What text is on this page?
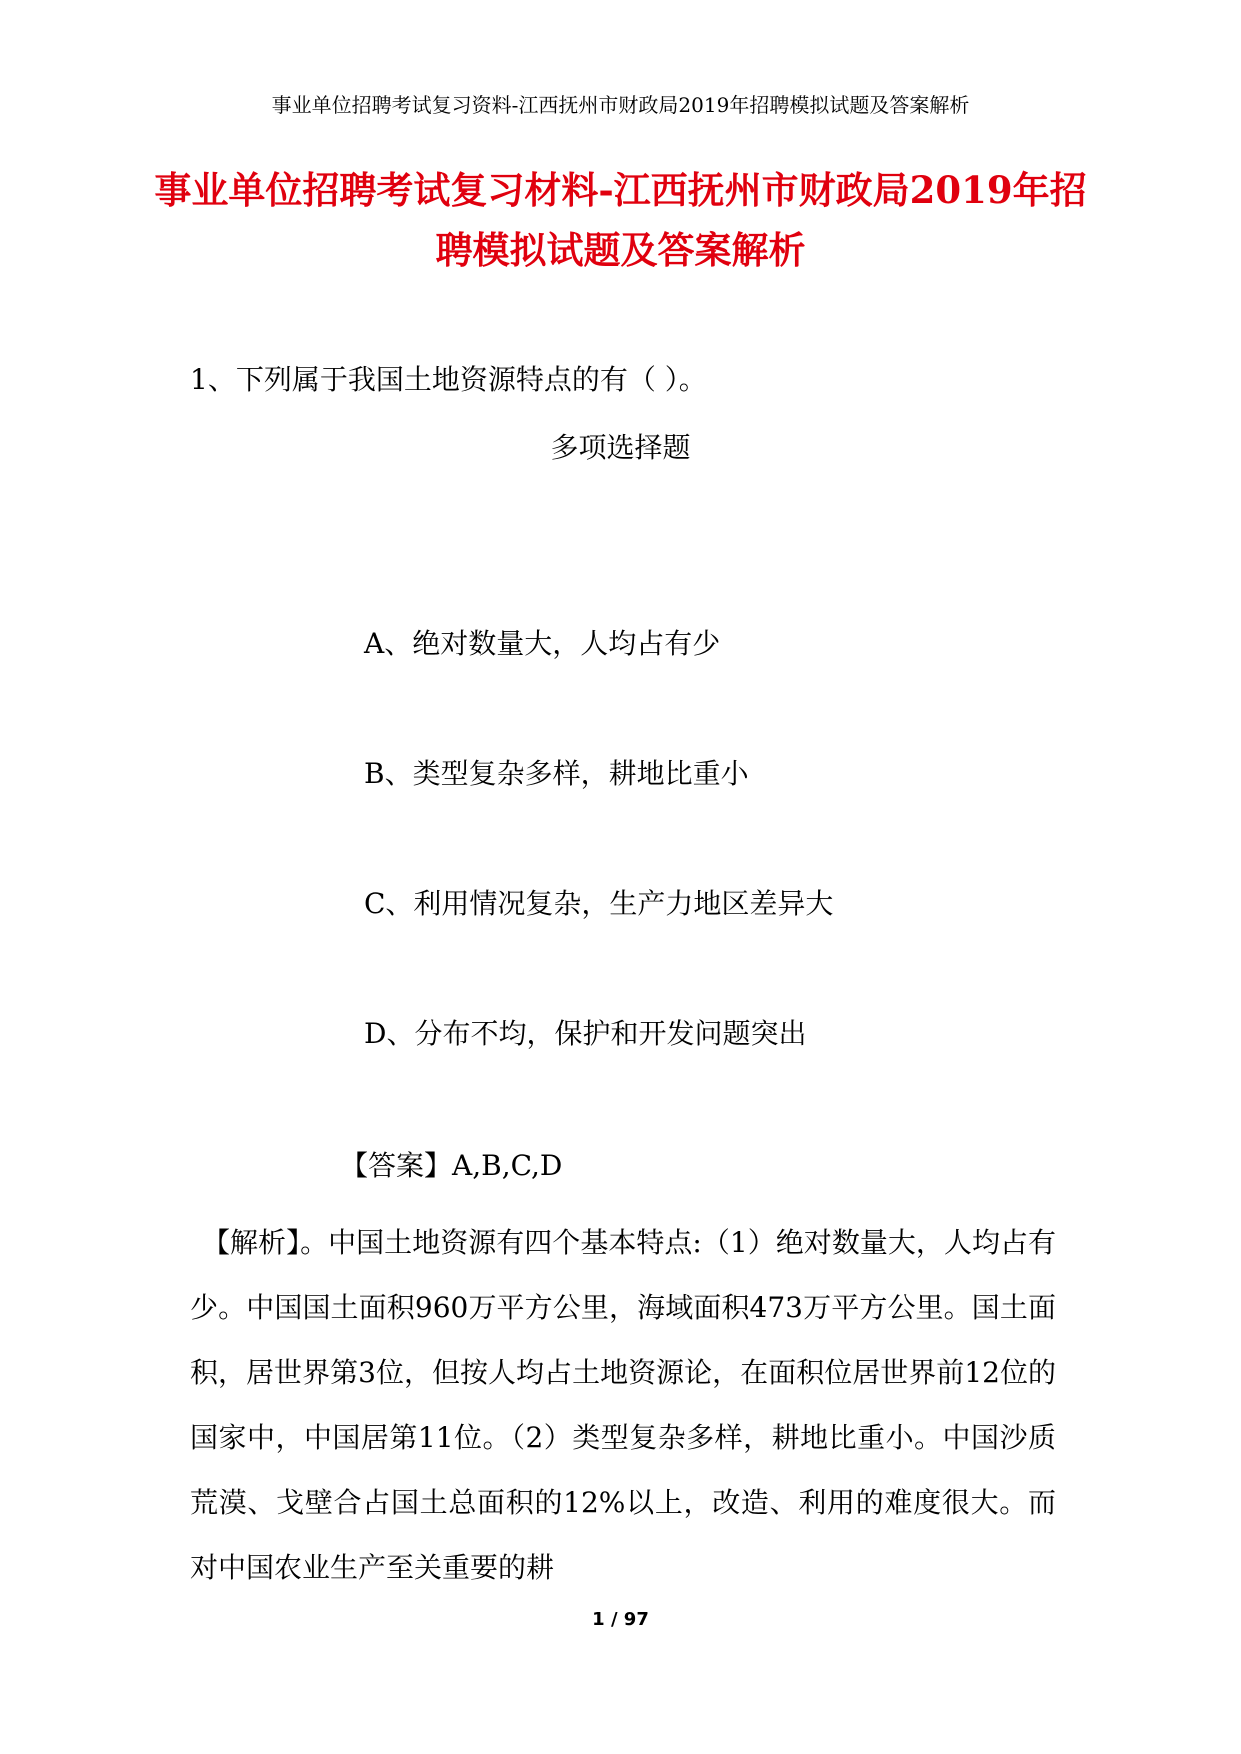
事业单位招聘考试复习资料-江西抚州市财政局2019年招聘模拟试题及答案解析
事业单位招聘考试复习材料-江西抚州市财政局2019年招聘模拟试题及答案解析
1、下列属于我国土地资源特点的有（ ）。
多项选择题
A、绝对数量大，人均占有少
B、类型复杂多样，耕地比重小
C、利用情况复杂，生产力地区差异大
D、分布不均，保护和开发问题突出
【答案】A,B,C,D
【解析】。中国土地资源有四个基本特点:（1）绝对数量大，人均占有少。中国国土面积960万平方公里，海域面积473万平方公里。国土面积，居世界第3位，但按人均占土地资源论，在面积位居世界前12位的国家中，中国居第11位。（2）类型复杂多样，耕地比重小。中国沙质荒漠、戈壁合占国土总面积的12%以上，改造、利用的难度很大。而对中国农业生产至关重要的耕
1 / 97
